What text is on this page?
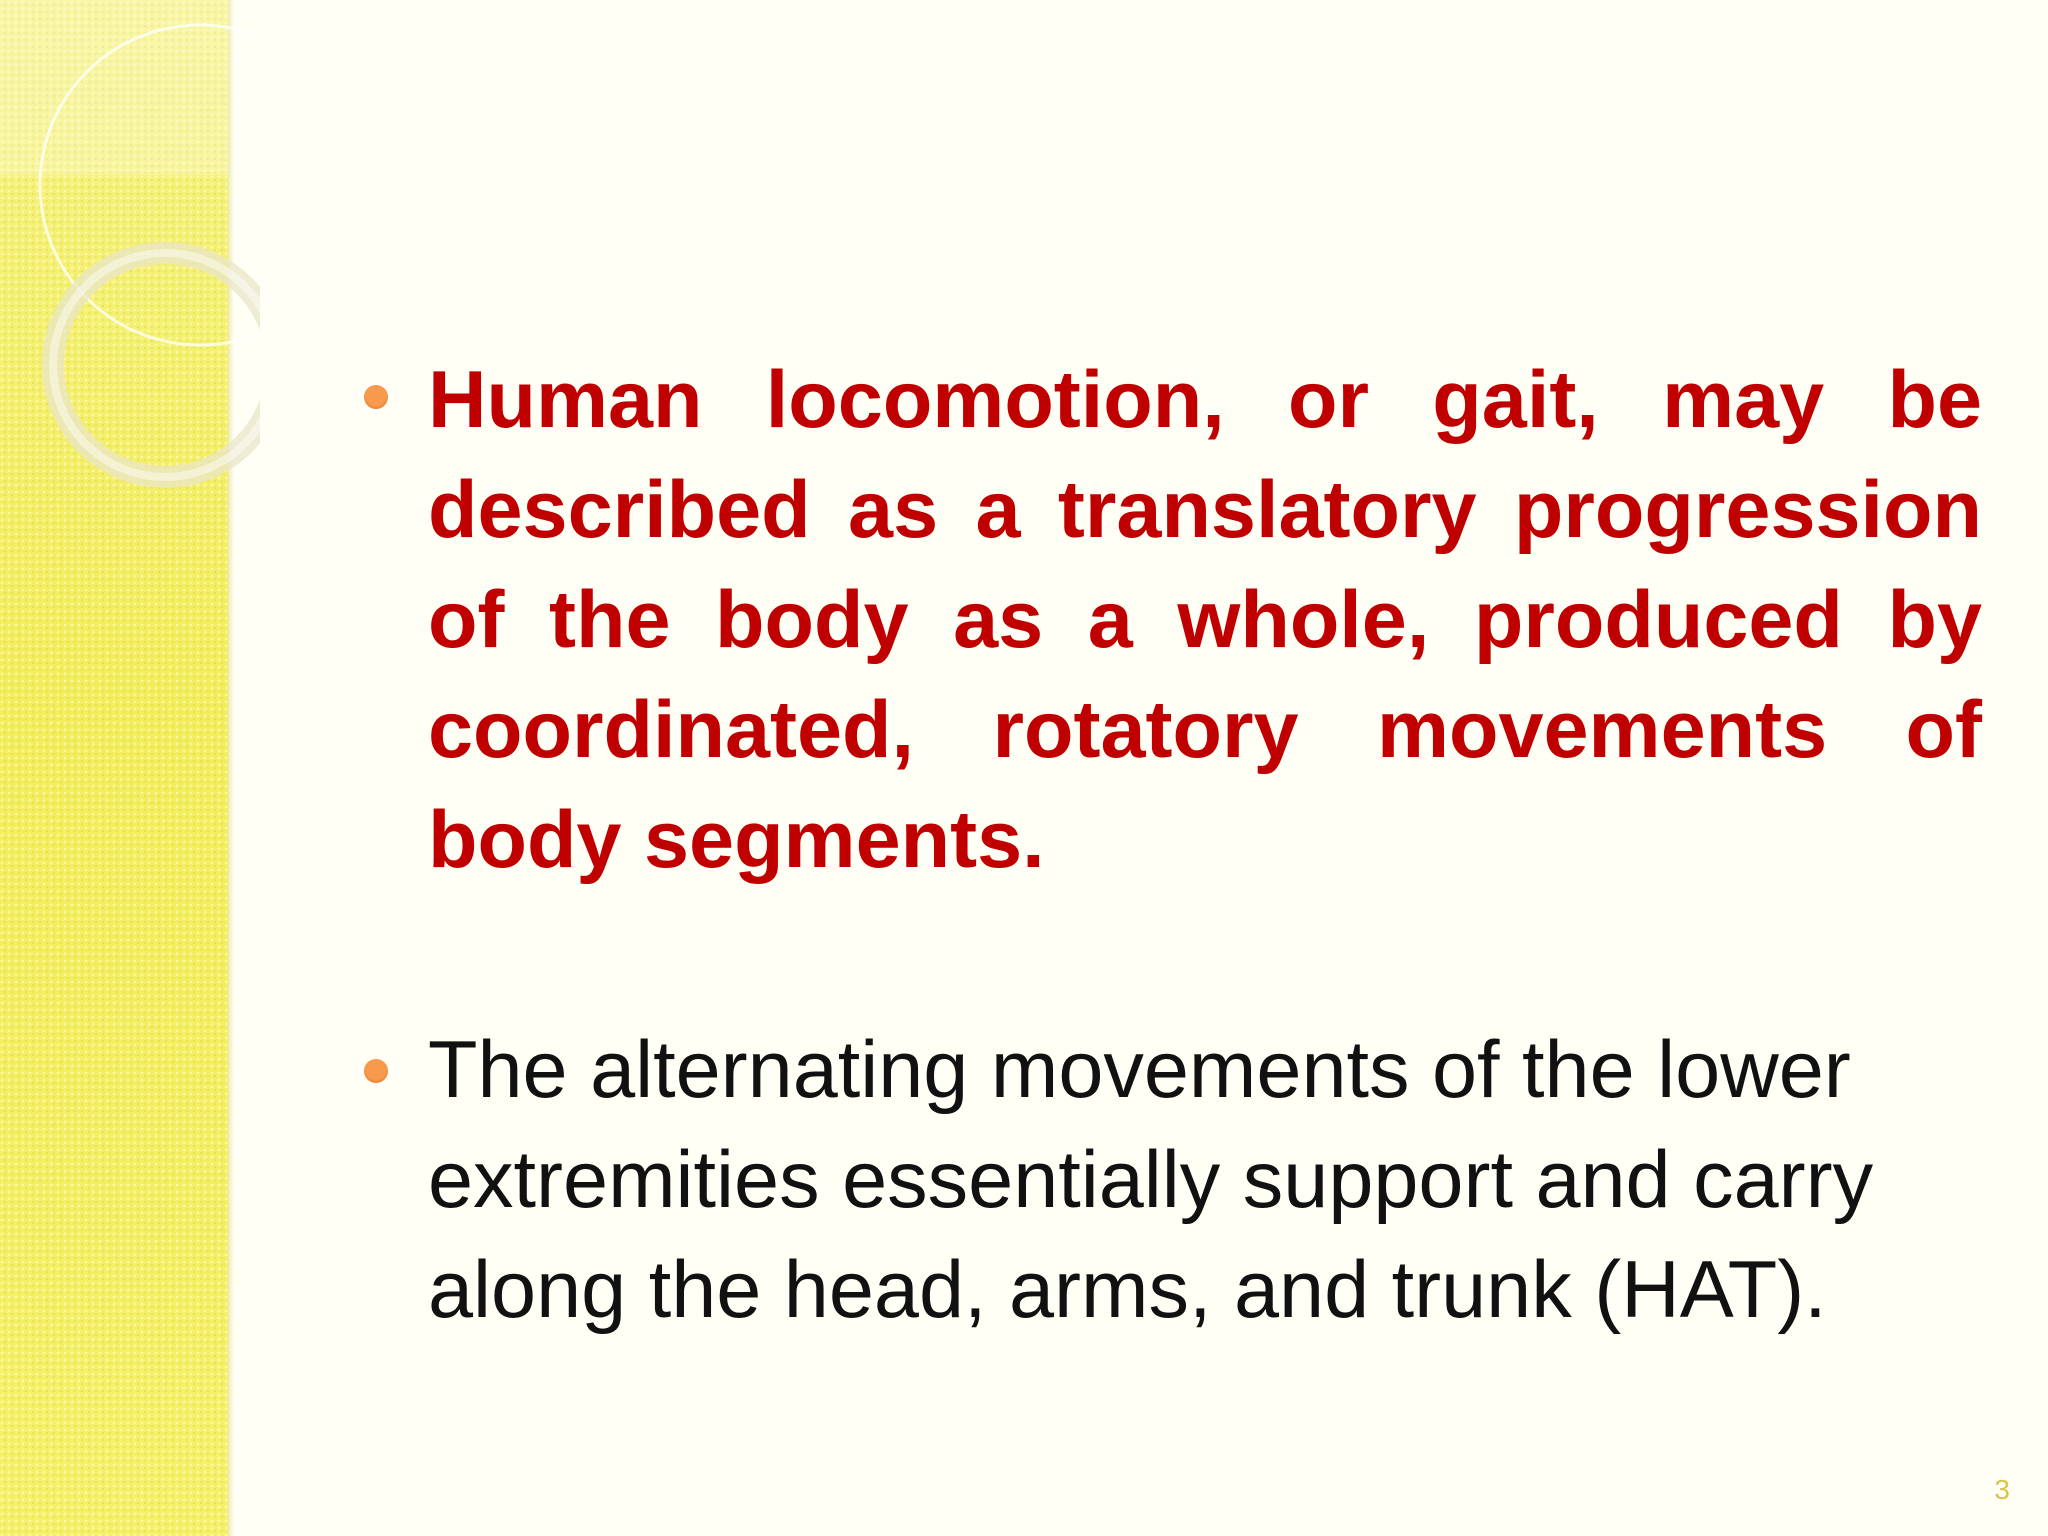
Human locomotion, or gait, may be described as a translatory progression of the body as a whole, produced by coordinated, rotatory movements of body segments.
The alternating movements of the lower extremities essentially support and carry along the head, arms, and trunk (HAT).
3
